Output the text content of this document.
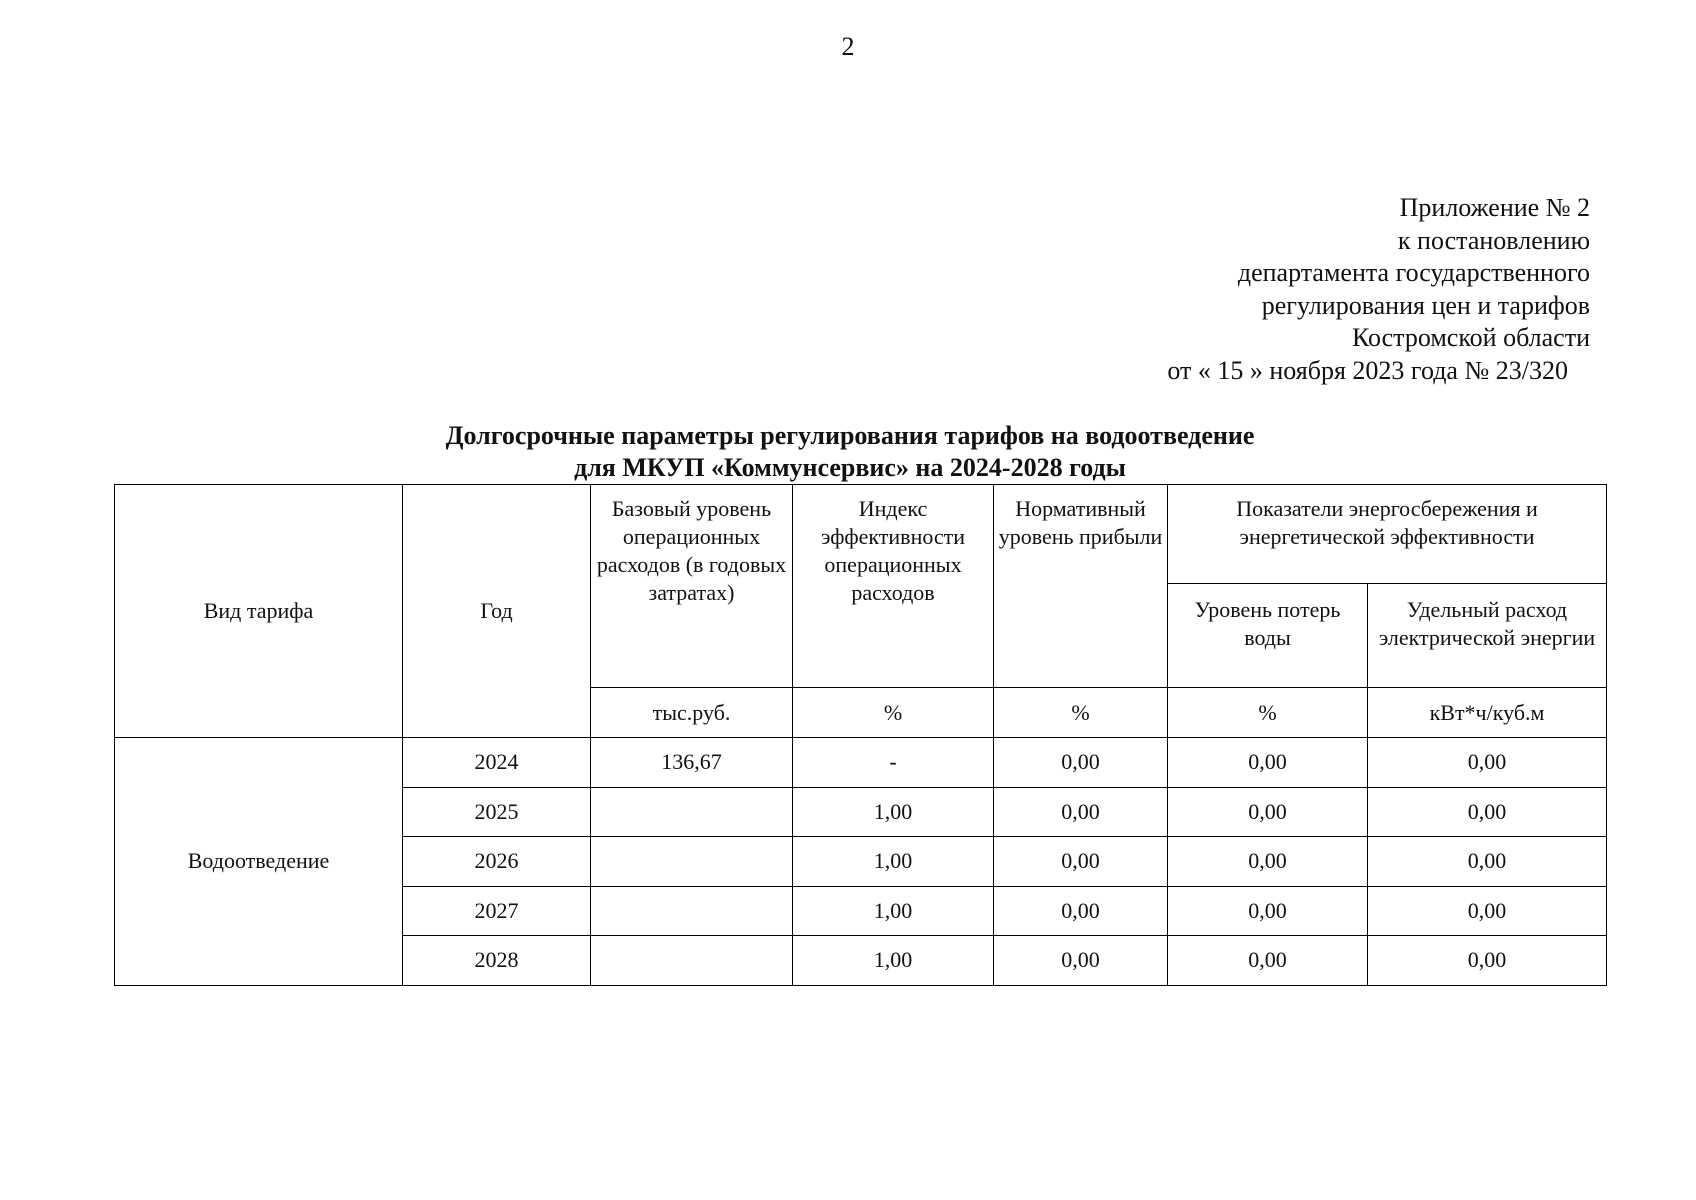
2
Приложение № 2
к постановлению
департамента государственного
регулирования цен и тарифов
Костромской области
от « 15 » ноября 2023 года № 23/320
Долгосрочные параметры регулирования тарифов на водоотведение
для МКУП «Коммунсервис» на 2024-2028 годы
Вид тарифа	Год	Базовый уровень операционных расходов (в годовых затратах)	Индекс эффективности операционных расходов	Нормативный уровень прибыли	Показатели энергосбережения и энергетической эффективности	
					Уровень потерь воды	Удельный расход электрической энергии
		тыс.руб.	%	%	%	кВт*ч/куб.м
Водоотведение	2024	136,67	-	0,00	0,00	0,00
	2025		1,00	0,00	0,00	0,00
	2026		1,00	0,00	0,00	0,00
	2027		1,00	0,00	0,00	0,00
	2028		1,00	0,00	0,00	0,00
